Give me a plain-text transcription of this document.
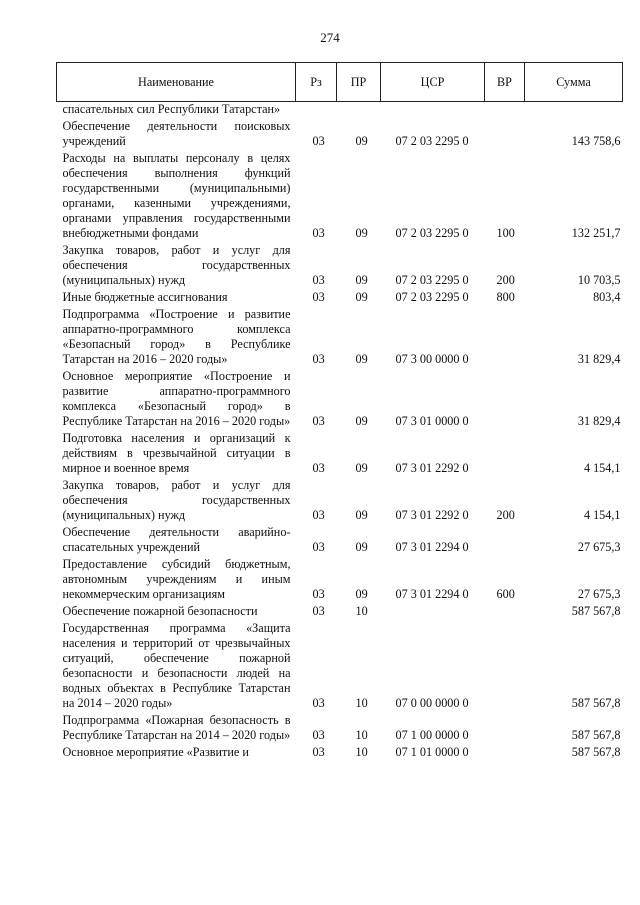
274
Наименование	Рз	ПР	ЦСР	ВР	Сумма
спасательных сил Республики Татарстан»					
Обеспечение деятельности поисковых учреждений	03	09	07 2 03 2295 0		143 758,6
Расходы на выплаты персоналу в целях обеспечения выполнения функций государственными (муниципальными) органами, казенными учреждениями, органами управления государственными внебюджетными фондами	03	09	07 2 03 2295 0	100	132 251,7
Закупка товаров, работ и услуг для обеспечения государственных (муниципальных) нужд	03	09	07 2 03 2295 0	200	10 703,5
Иные бюджетные ассигнования	03	09	07 2 03 2295 0	800	803,4
Подпрограмма «Построение и развитие аппаратно-программного комплекса «Безопасный город» в Республике Татарстан на 2016 – 2020 годы»	03	09	07 3 00 0000 0		31 829,4
Основное мероприятие «Построение и развитие аппаратно-программного комплекса «Безопасный город» в Республике Татарстан на 2016 – 2020 годы»	03	09	07 3 01 0000 0		31 829,4
Подготовка населения и организаций к действиям в чрезвычайной ситуации в мирное и военное время	03	09	07 3 01 2292 0		4 154,1
Закупка товаров, работ и услуг для обеспечения государственных (муниципальных) нужд	03	09	07 3 01 2292 0	200	4 154,1
Обеспечение деятельности аварийно-спасательных учреждений	03	09	07 3 01 2294 0		27 675,3
Предоставление субсидий бюджетным, автономным учреждениям и иным некоммерческим организациям	03	09	07 3 01 2294 0	600	27 675,3
Обеспечение пожарной безопасности	03	10			587 567,8
Государственная программа «Защита населения и территорий от чрезвычайных ситуаций, обеспечение пожарной безопасности и безопасности людей на водных объектах в Республике Татарстан на 2014 – 2020 годы»	03	10	07 0 00 0000 0		587 567,8
Подпрограмма «Пожарная безопасность в Республике Татарстан на 2014 – 2020 годы»	03	10	07 1 00 0000 0		587 567,8
Основное мероприятие «Развитие и	03	10	07 1 01 0000 0		587 567,8
